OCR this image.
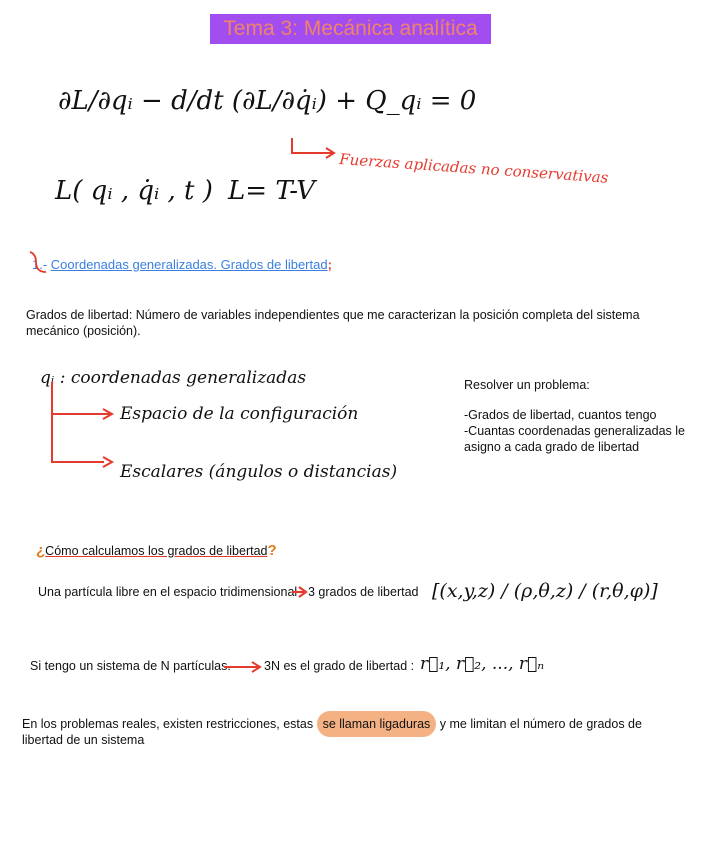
Tema 3: Mecánica analítica
∂L/∂qᵢ − d/dt (∂L/∂q̇ᵢ) + Q_qᵢ = 0
Fuerzas aplicadas no conservativas
L( qᵢ , q̇ᵢ , t ) L= T-V
1.- Coordenadas generalizadas. Grados de libertad;
Grados de libertad: Número de variables independientes que me caracterizan la posición completa del sistema mecánico (posición).
qᵢ : coordenadas generalizadas
Espacio de la configuración
Escalares (ángulos o distancias)
Resolver un problema:
-Grados de libertad, cuantos tengo
-Cuantas coordenadas generalizadas le asigno a cada grado de libertad
¿Cómo calculamos los grados de libertad?
Una partícula libre en el espacio tridimensional 3 grados de libertad [(x,y,z) / (ρ,θ,z) / (r,θ,φ)]
Si tengo un sistema de N partículas.	3N es el grado de libertad : r⃗₁, r⃗₂, ..., r⃗ₙ
En los problemas reales, existen restricciones, estas se llaman ligaduras y me limitan el número de grados de libertad de un sistema
